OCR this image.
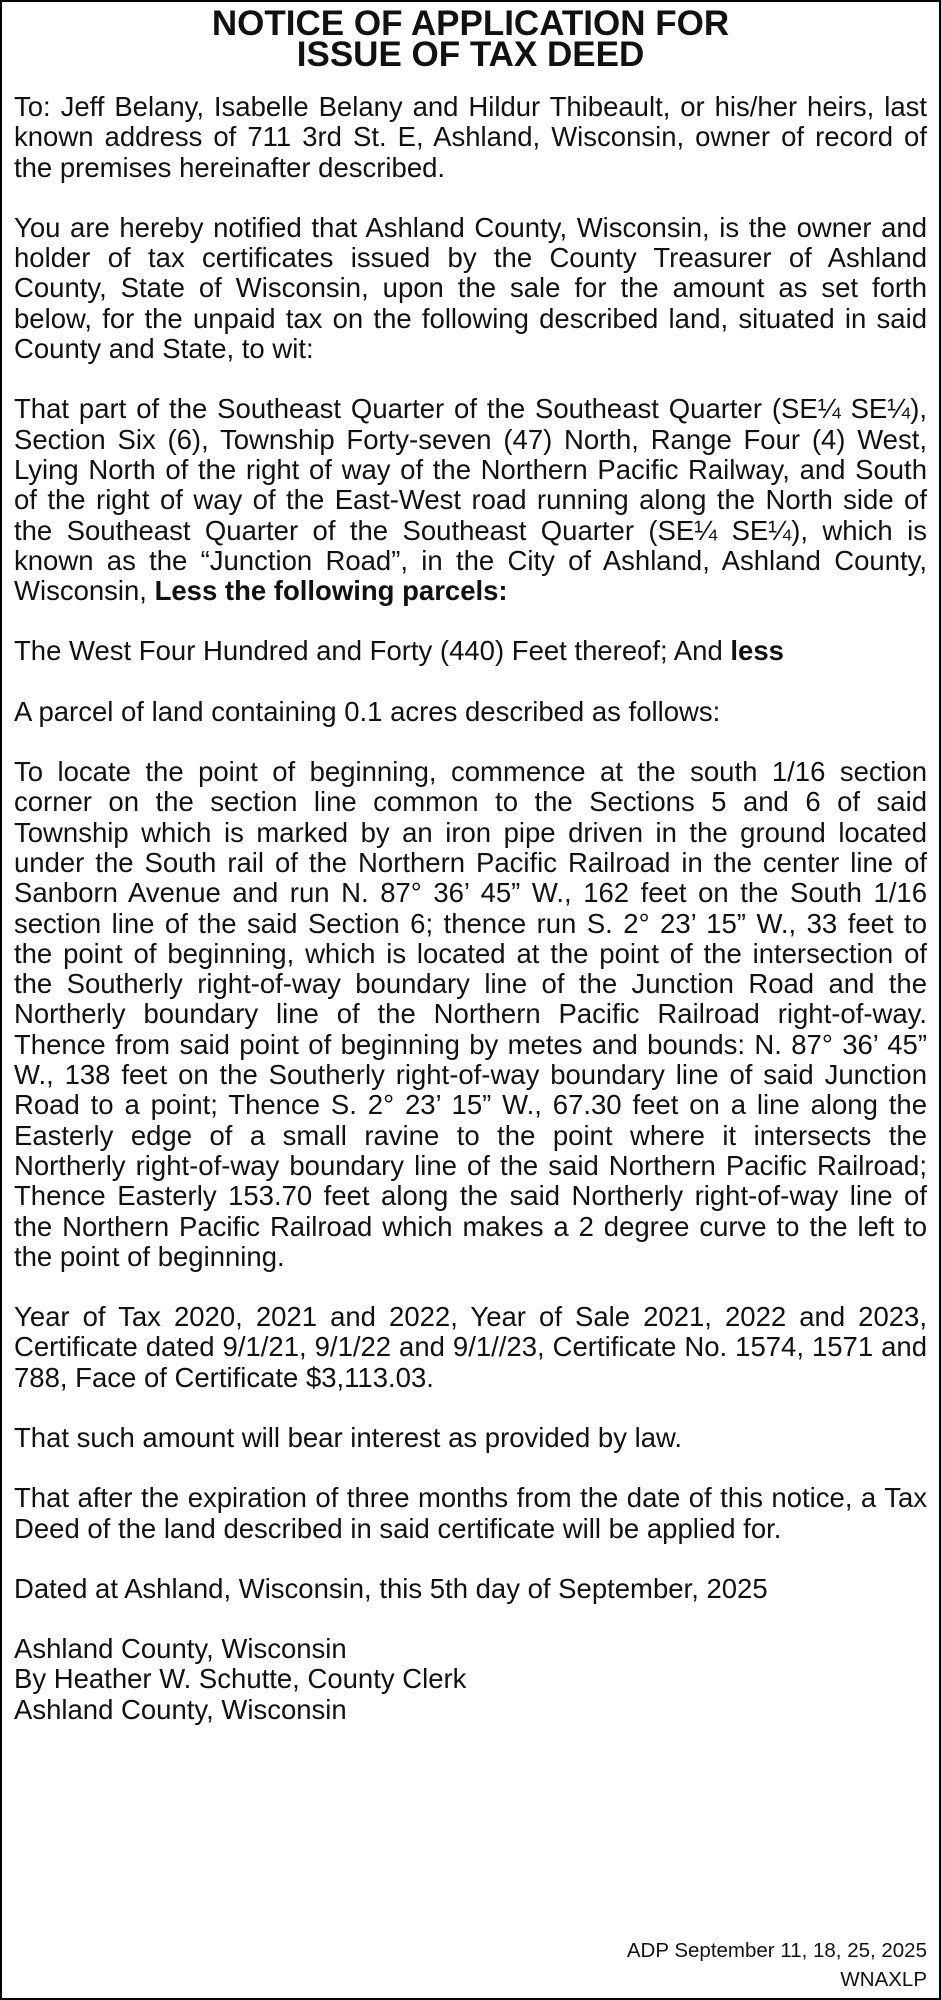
NOTICE OF APPLICATION FOR
ISSUE OF TAX DEED

To: Jeff Belany, Isabelle Belany and Hildur Thibeault, or his/her heirs, last known address of 711 3rd St. E, Ashland, Wisconsin, owner of record of the premises hereinafter described.

You are hereby notified that Ashland County, Wisconsin, is the owner and holder of tax certificates issued by the County Treasurer of Ashland County, State of Wisconsin, upon the sale for the amount as set forth below, for the unpaid tax on the following described land, situated in said County and State, to wit:

That part of the Southeast Quarter of the Southeast Quarter (SE¼ SE¼), Section Six (6), Township Forty-seven (47) North, Range Four (4) West, Lying North of the right of way of the Northern Pacific Railway, and South of the right of way of the East-West road running along the North side of the Southeast Quarter of the Southeast Quarter (SE¼ SE¼), which is known as the “Junction Road”, in the City of Ashland, Ashland County, Wisconsin, Less the following parcels:

The West Four Hundred and Forty (440) Feet thereof; And less

A parcel of land containing 0.1 acres described as follows:

To locate the point of beginning, commence at the south 1/16 section corner on the section line common to the Sections 5 and 6 of said Township which is marked by an iron pipe driven in the ground located under the South rail of the Northern Pacific Railroad in the center line of Sanborn Avenue and run N. 87° 36’ 45” W., 162 feet on the South 1/16 section line of the said Section 6; thence run S. 2° 23’ 15” W., 33 feet to the point of beginning, which is located at the point of the intersection of the Southerly right-of-way boundary line of the Junction Road and the Northerly boundary line of the Northern Pacific Railroad right-of-way. Thence from said point of beginning by metes and bounds: N. 87° 36’ 45” W., 138 feet on the Southerly right-of-way boundary line of said Junction Road to a point; Thence S. 2° 23’ 15” W., 67.30 feet on a line along the Easterly edge of a small ravine to the point where it intersects the Northerly right-of-way boundary line of the said Northern Pacific Railroad; Thence Easterly 153.70 feet along the said Northerly right-of-way line of the Northern Pacific Railroad which makes a 2 degree curve to the left to the point of beginning.

Year of Tax 2020, 2021 and 2022, Year of Sale 2021, 2022 and 2023, Certificate dated 9/1/21, 9/1/22 and 9/1//23, Certificate No. 1574, 1571 and 788, Face of Certificate $3,113.03.

That such amount will bear interest as provided by law.

That after the expiration of three months from the date of this notice, a Tax Deed of the land described in said certificate will be applied for.

Dated at Ashland, Wisconsin, this 5th day of September, 2025

Ashland County, Wisconsin
By Heather W. Schutte, County Clerk
Ashland County, Wisconsin

ADP September 11, 18, 25, 2025
WNAXLP
